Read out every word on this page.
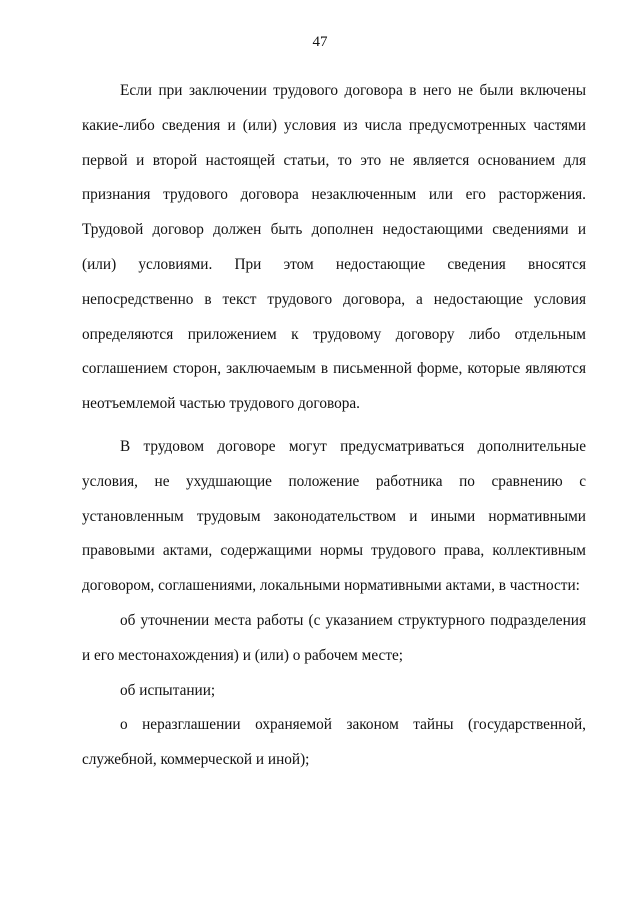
47

Если при заключении трудового договора в него не были включены какие-либо сведения и (или) условия из числа предусмотренных частями первой и второй настоящей статьи, то это не является основанием для признания трудового договора незаключенным или его расторжения. Трудовой договор должен быть дополнен недостающими сведениями и (или) условиями. При этом недостающие сведения вносятся непосредственно в текст трудового договора, а недостающие условия определяются приложением к трудовому договору либо отдельным соглашением сторон, заключаемым в письменной форме, которые являются неотъемлемой частью трудового договора.

В трудовом договоре могут предусматриваться дополнительные условия, не ухудшающие положение работника по сравнению с установленным трудовым законодательством и иными нормативными правовыми актами, содержащими нормы трудового права, коллективным договором, соглашениями, локальными нормативными актами, в частности:

об уточнении места работы (с указанием структурного подразделения и его местонахождения) и (или) о рабочем месте;

об испытании;

о неразглашении охраняемой законом тайны (государственной, служебной, коммерческой и иной);
